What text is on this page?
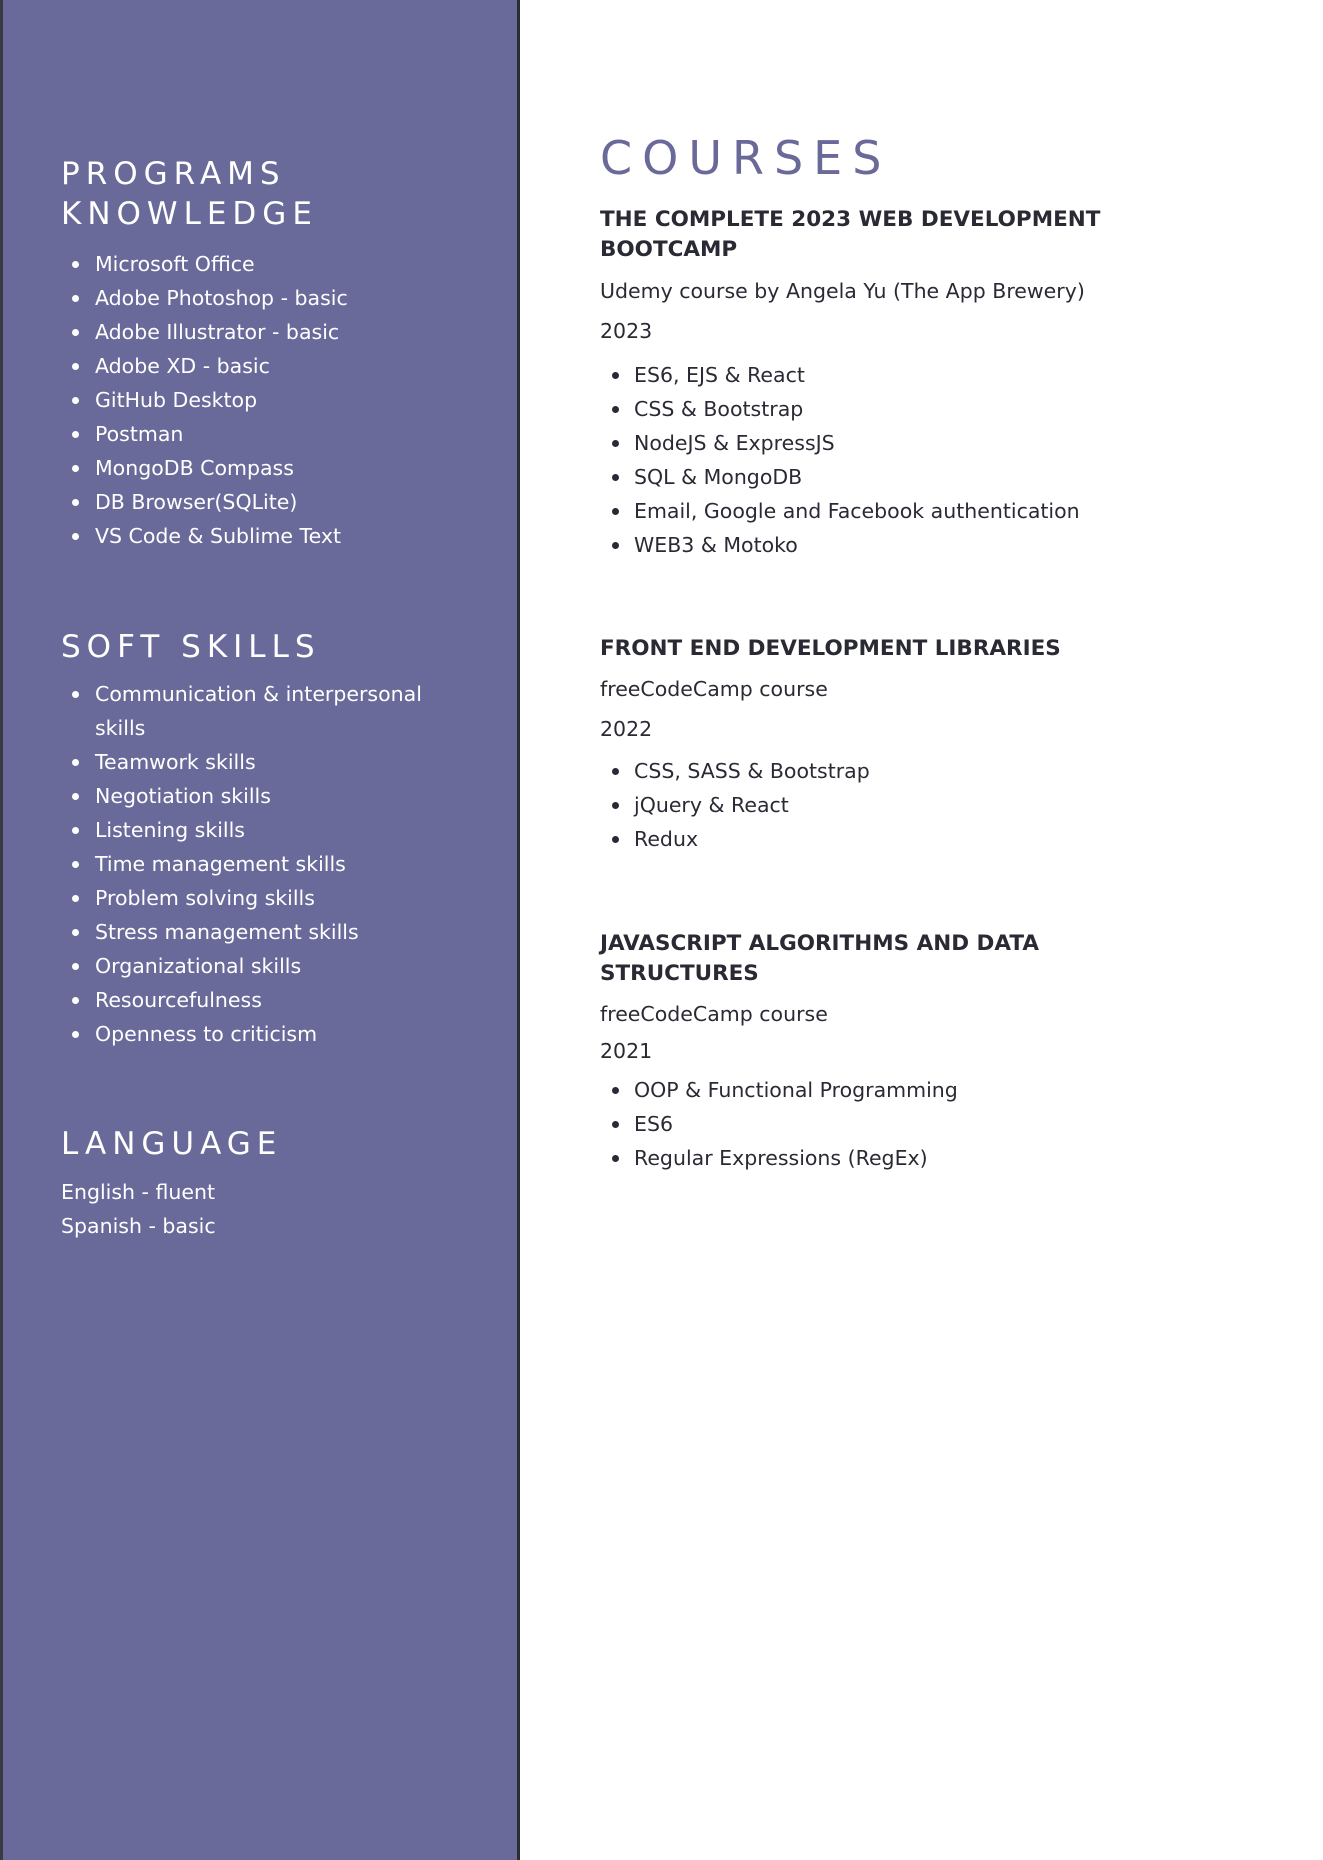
PROGRAMS
KNOWLEDGE
Microsoft Office
Adobe Photoshop - basic
Adobe Illustrator - basic
Adobe XD - basic
GitHub Desktop
Postman
MongoDB Compass
DB Browser(SQLite)
VS Code & Sublime Text
SOFT SKILLS
Communication & interpersonal skills
Teamwork skills
Negotiation skills
Listening skills
Time management skills
Problem solving skills
Stress management skills
Organizational skills
Resourcefulness
Openness to criticism
LANGUAGE

English - fluent

Spanish - basic

COURSES
THE COMPLETE 2023 WEB DEVELOPMENT BOOTCAMP

Udemy course by Angela Yu (The App Brewery)

2023

ES6, EJS & React
CSS & Bootstrap
NodeJS & ExpressJS
SQL & MongoDB
Email, Google and Facebook authentication
WEB3 & Motoko
FRONT END DEVELOPMENT LIBRARIES

freeCodeCamp course

2022

CSS, SASS & Bootstrap
jQuery & React
Redux
JAVASCRIPT ALGORITHMS AND DATA STRUCTURES

freeCodeCamp course

2021

OOP & Functional Programming
ES6
Regular Expressions (RegEx)
